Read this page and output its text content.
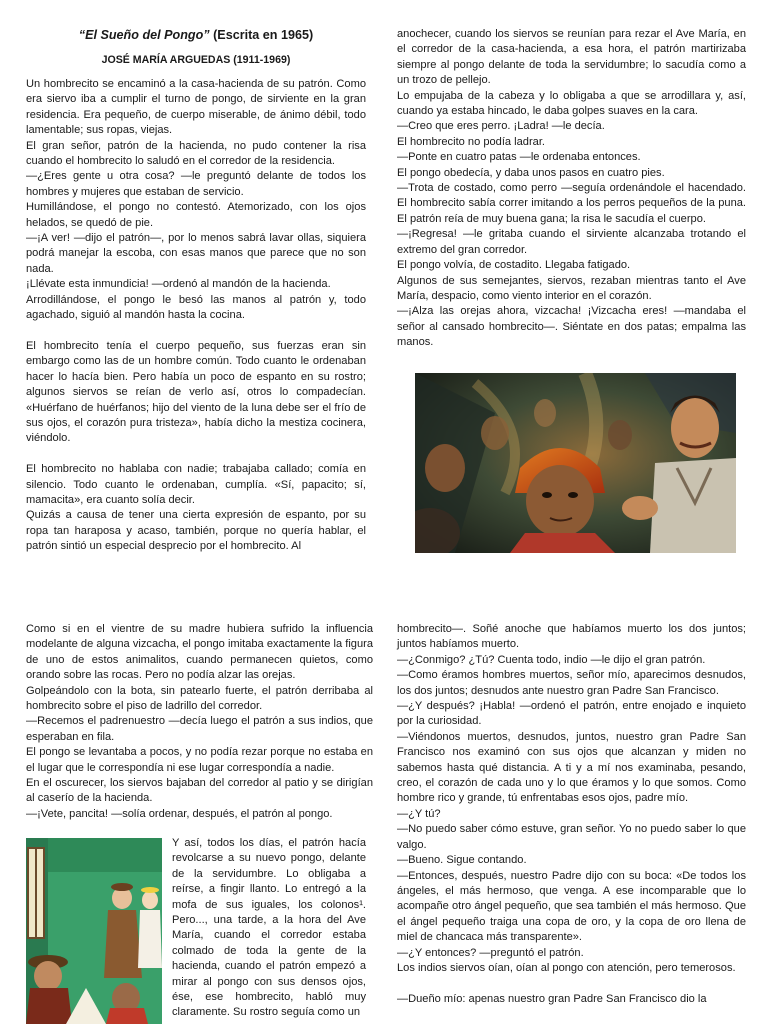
“El Sueño del Pongo” (Escrita en 1965)

JOSÉ MARÍA ARGUEDAS (1911-1969)

Un hombrecito se encaminó a la casa-hacienda de su patrón. Como era siervo iba a cumplir el turno de pongo, de sirviente en la gran residencia. Era pequeño, de cuerpo miserable, de ánimo débil, todo lamentable; sus ropas, viejas.

El gran señor, patrón de la hacienda, no pudo contener la risa cuando el hombrecito lo saludó en el corredor de la residencia.

—¿Eres gente u otra cosa? —le preguntó delante de todos los hombres y mujeres que estaban de servicio.

Humillándose, el pongo no contestó. Atemorizado, con los ojos helados, se quedó de pie.

—¡A ver! —dijo el patrón—, por lo menos sabrá lavar ollas, siquiera podrá manejar la escoba, con esas manos que parece que no son nada.

¡Llévate esta inmundicia! —ordenó al mandón de la hacienda.

Arrodillándose, el pongo le besó las manos al patrón y, todo agachado, siguió al mandón hasta la cocina.

El hombrecito tenía el cuerpo pequeño, sus fuerzas eran sin embargo como las de un hombre común. Todo cuanto le ordenaban hacer lo hacía bien. Pero había un poco de espanto en su rostro; algunos siervos se reían de verlo así, otros lo compadecían. «Huérfano de huérfanos; hijo del viento de la luna debe ser el frío de sus ojos, el corazón pura tristeza», había dicho la mestiza cocinera, viéndolo.

El hombrecito no hablaba con nadie; trabajaba callado; comía en silencio. Todo cuanto le ordenaban, cumplía. «Sí, papacito; sí, mamacita», era cuanto solía decir.

Quizás a causa de tener una cierta expresión de espanto, por su ropa tan haraposa y acaso, también, porque no quería hablar, el patrón sintió un especial desprecio por el hombrecito. Al

anochecer, cuando los siervos se reunían para rezar el Ave María, en el corredor de la casa-hacienda, a esa hora, el patrón martirizaba siempre al pongo delante de toda la servidumbre; lo sacudía como a un trozo de pellejo.

Lo empujaba de la cabeza y lo obligaba a que se arrodillara y, así, cuando ya estaba hincado, le daba golpes suaves en la cara.

—Creo que eres perro. ¡Ladra! —le decía.

El hombrecito no podía ladrar.

—Ponte en cuatro patas —le ordenaba entonces.

El pongo obedecía, y daba unos pasos en cuatro pies.

—Trota de costado, como perro —seguía ordenándole el hacendado. El hombrecito sabía correr imitando a los perros pequeños de la puna. El patrón reía de muy buena gana; la risa le sacudía el cuerpo.

—¡Regresa! —le gritaba cuando el sirviente alcanzaba trotando el extremo del gran corredor.

El pongo volvía, de costadito. Llegaba fatigado.

Algunos de sus semejantes, siervos, rezaban mientras tanto el Ave María, despacio, como viento interior en el corazón.

—¡Alza las orejas ahora, vizcacha! ¡Vizcacha eres! —mandaba el señor al cansado hombrecito—. Siéntate en dos patas; empalma las manos.

Como si en el vientre de su madre hubiera sufrido la influencia modelante de alguna vizcacha, el pongo imitaba exactamente la figura de uno de estos animalitos, cuando permanecen quietos, como orando sobre las rocas. Pero no podía alzar las orejas.

Golpeándolo con la bota, sin patearlo fuerte, el patrón derribaba al hombrecito sobre el piso de ladrillo del corredor.

—Recemos el padrenuestro —decía luego el patrón a sus indios, que esperaban en fila.

El pongo se levantaba a pocos, y no podía rezar porque no estaba en el lugar que le correspondía ni ese lugar correspondía a nadie.

En el oscurecer, los siervos bajaban del corredor al patio y se dirigían al caserío de la hacienda.

—¡Vete, pancita! —solía ordenar, después, el patrón al pongo.

Y así, todos los días, el patrón hacía revolcarse a su nuevo pongo, delante de la servidumbre. Lo obligaba a reírse, a fingir llanto. Lo entregó a la mofa de sus iguales, los colonos¹. Pero..., una tarde, a la hora del Ave María, cuando el corredor estaba colmado de toda la gente de la hacienda, cuando el patrón empezó a mirar al pongo con sus densos ojos, ése, ese hombrecito, habló muy claramente. Su rostro seguía como un

hombrecito—. Soñé anoche que habíamos muerto los dos juntos; juntos habíamos muerto.

—¿Conmigo? ¿Tú? Cuenta todo, indio —le dijo el gran patrón.

—Como éramos hombres muertos, señor mío, aparecimos desnudos, los dos juntos; desnudos ante nuestro gran Padre San Francisco.

—¿Y después? ¡Habla! —ordenó el patrón, entre enojado e inquieto por la curiosidad.

—Viéndonos muertos, desnudos, juntos, nuestro gran Padre San Francisco nos examinó con sus ojos que alcanzan y miden no sabemos hasta qué distancia. A ti y a mí nos examinaba, pesando, creo, el corazón de cada uno y lo que éramos y lo que somos. Como hombre rico y grande, tú enfrentabas esos ojos, padre mío.

—¿Y tú?

—No puedo saber cómo estuve, gran señor. Yo no puedo saber lo que valgo.

—Bueno. Sigue contando.

—Entonces, después, nuestro Padre dijo con su boca: «De todos los ángeles, el más hermoso, que venga. A ese incomparable que lo acompañe otro ángel pequeño, que sea también el más hermoso. Que el ángel pequeño traiga una copa de oro, y la copa de oro llena de miel de chancaca más transparente».

—¿Y entonces? —preguntó el patrón.

Los indios siervos oían, oían al pongo con atención, pero temerosos.

—Dueño mío: apenas nuestro gran Padre San Francisco dio la
